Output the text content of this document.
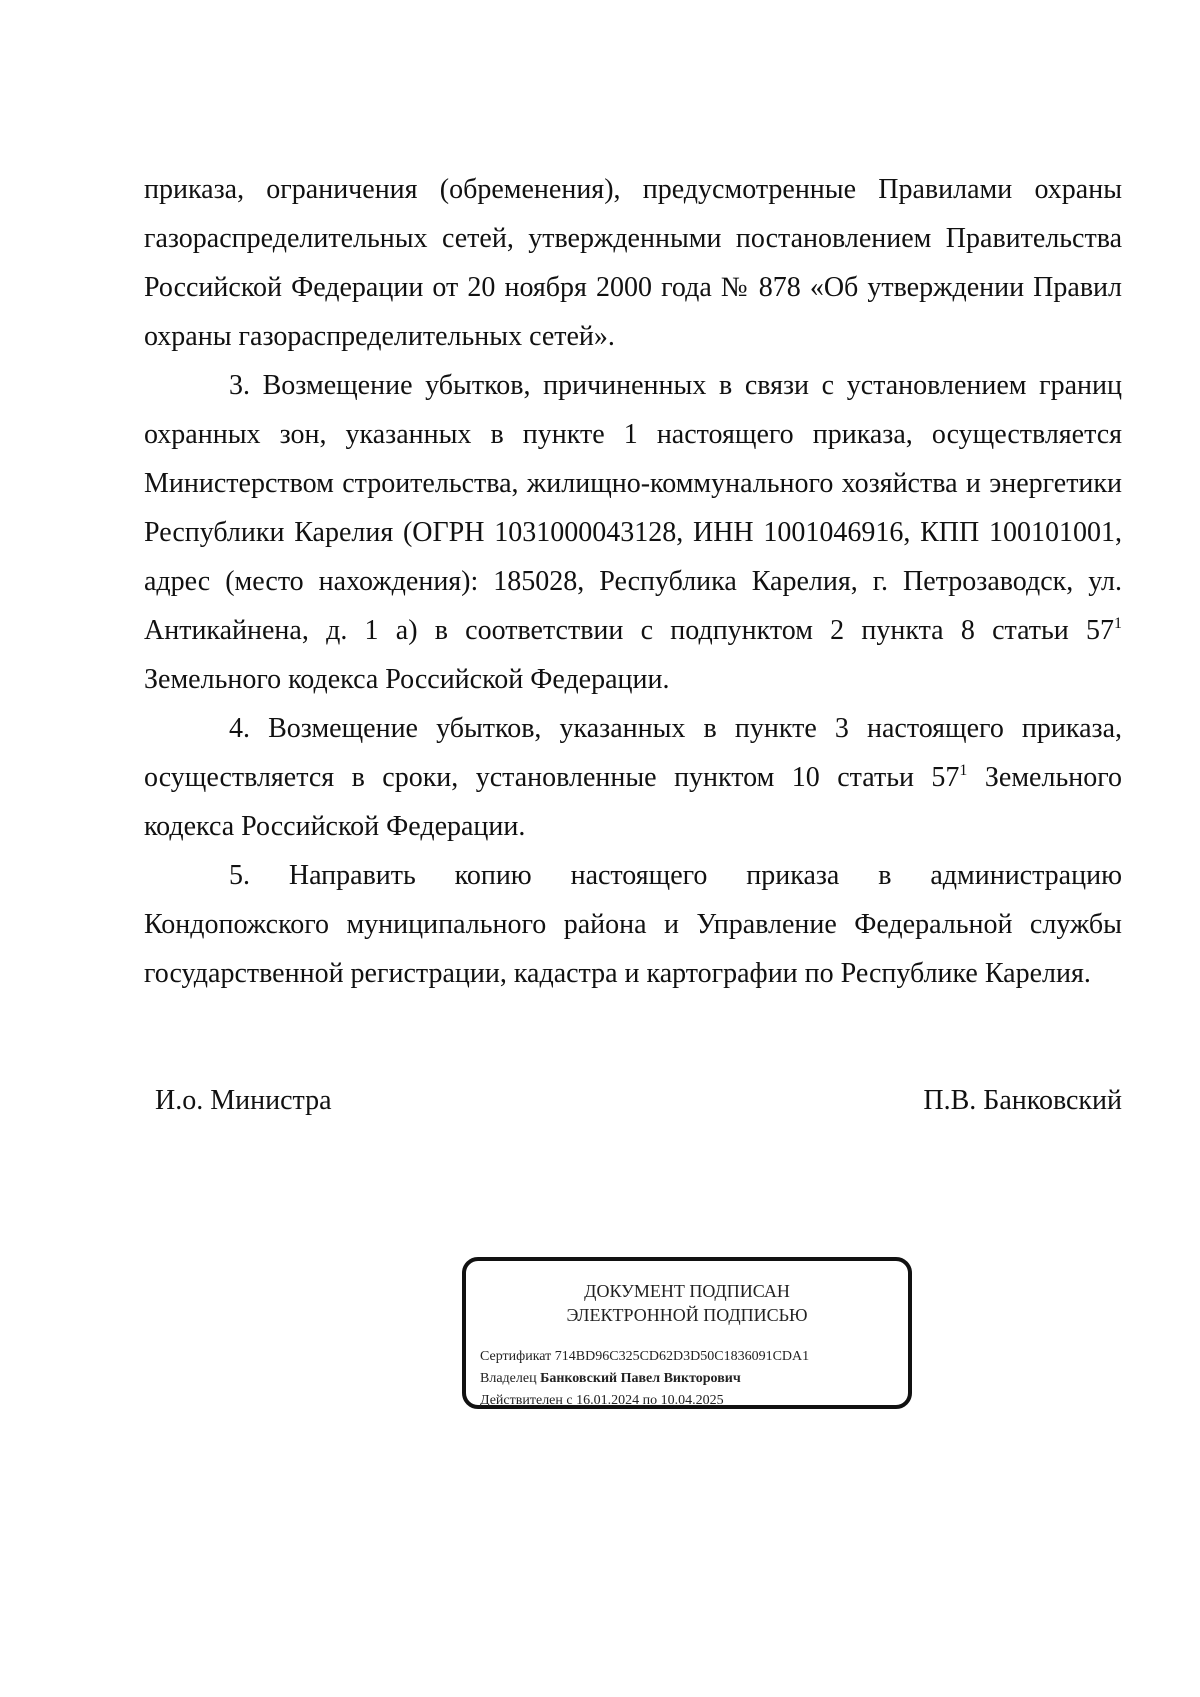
приказа, ограничения (обременения), предусмотренные Правилами охраны газораспределительных сетей, утвержденными постановлением Правительства Российской Федерации от 20 ноября 2000 года № 878 «Об утверждении Правил охраны газораспределительных сетей».

3. Возмещение убытков, причиненных в связи с установлением границ охранных зон, указанных в пункте 1 настоящего приказа, осуществляется Министерством строительства, жилищно-коммунального хозяйства и энергетики Республики Карелия (ОГРН 1031000043128, ИНН 1001046916, КПП 100101001, адрес (место нахождения): 185028, Республика Карелия, г. Петрозаводск, ул. Антикайнена, д. 1 а) в соответствии с подпунктом 2 пункта 8 статьи $57^1$ Земельного кодекса Российской Федерации.

4. Возмещение убытков, указанных в пункте 3 настоящего приказа, осуществляется в сроки, установленные пунктом 10 статьи $57^1$ Земельного кодекса Российской Федерации.

5. Направить копию настоящего приказа в администрацию Кондопожского муниципального района и Управление Федеральной службы государственной регистрации, кадастра и картографии по Республике Карелия.

И.о. Министра	П.В. Банковский
ДОКУМЕНТ ПОДПИСАН
ЭЛЕКТРОННОЙ ПОДПИСЬЮ
Сертификат 714BD96C325CD62D3D50C1836091CDA1
Владелец Банковский Павел Викторович
Действителен с 16.01.2024 по 10.04.2025
